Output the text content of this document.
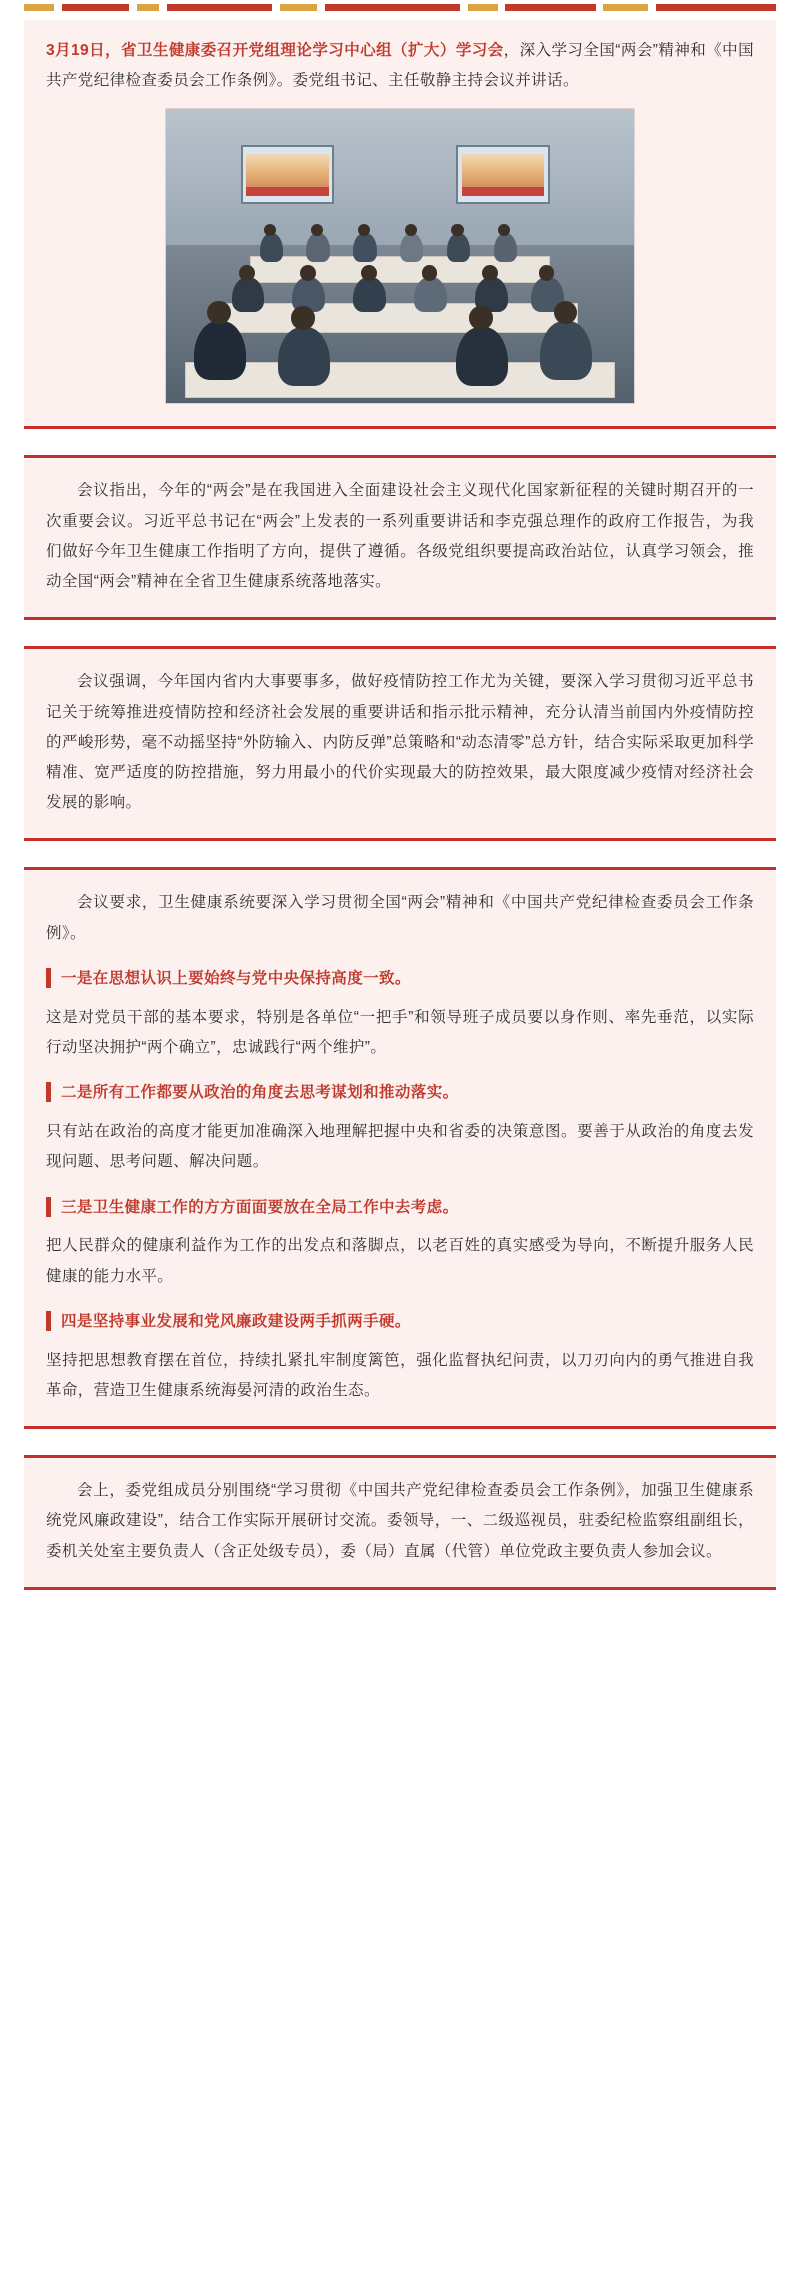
3月19日，省卫生健康委召开党组理论学习中心组（扩大）学习会，深入学习全国“两会”精神和《中国共产党纪律检查委员会工作条例》。委党组书记、主任敬静主持会议并讲话。

会议指出，今年的“两会”是在我国进入全面建设社会主义现代化国家新征程的关键时期召开的一次重要会议。习近平总书记在“两会”上发表的一系列重要讲话和李克强总理作的政府工作报告，为我们做好今年卫生健康工作指明了方向，提供了遵循。各级党组织要提高政治站位，认真学习领会，推动全国“两会”精神在全省卫生健康系统落地落实。

会议强调，今年国内省内大事要事多，做好疫情防控工作尤为关键，要深入学习贯彻习近平总书记关于统筹推进疫情防控和经济社会发展的重要讲话和指示批示精神，充分认清当前国内外疫情防控的严峻形势，毫不动摇坚持“外防输入、内防反弹”总策略和“动态清零”总方针，结合实际采取更加科学精准、宽严适度的防控措施，努力用最小的代价实现最大的防控效果，最大限度减少疫情对经济社会发展的影响。

会议要求，卫生健康系统要深入学习贯彻全国“两会”精神和《中国共产党纪律检查委员会工作条例》。

一是在思想认识上要始终与党中央保持高度一致。

这是对党员干部的基本要求，特别是各单位“一把手”和领导班子成员要以身作则、率先垂范，以实际行动坚决拥护“两个确立”，忠诚践行“两个维护”。

二是所有工作都要从政治的角度去思考谋划和推动落实。

只有站在政治的高度才能更加准确深入地理解把握中央和省委的决策意图。要善于从政治的角度去发现问题、思考问题、解决问题。

三是卫生健康工作的方方面面要放在全局工作中去考虑。

把人民群众的健康利益作为工作的出发点和落脚点，以老百姓的真实感受为导向，不断提升服务人民健康的能力水平。

四是坚持事业发展和党风廉政建设两手抓两手硬。

坚持把思想教育摆在首位，持续扎紧扎牢制度篱笆，强化监督执纪问责，以刀刃向内的勇气推进自我革命，营造卫生健康系统海晏河清的政治生态。

会上，委党组成员分别围绕“学习贯彻《中国共产党纪律检查委员会工作条例》，加强卫生健康系统党风廉政建设”，结合工作实际开展研讨交流。委领导，一、二级巡视员，驻委纪检监察组副组长，委机关处室主要负责人（含正处级专员），委（局）直属（代管）单位党政主要负责人参加会议。
